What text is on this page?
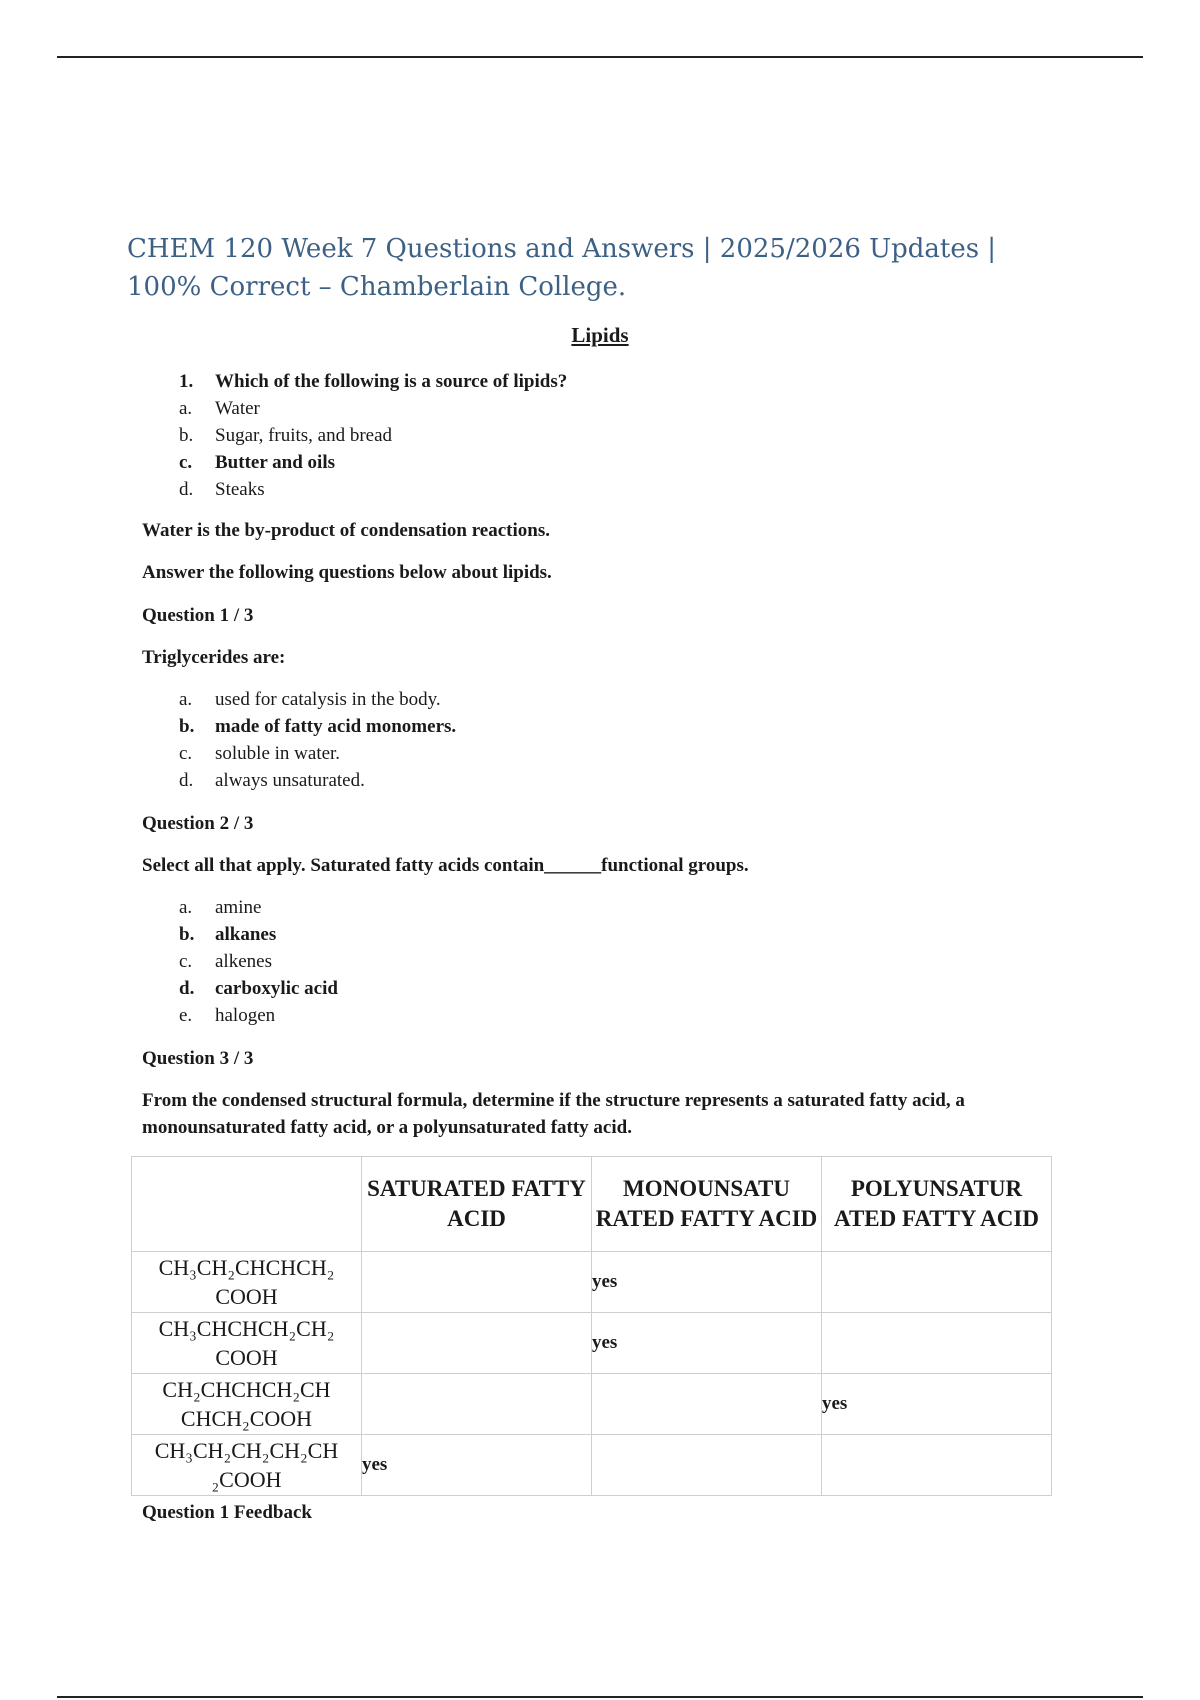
CHEM 120 Week 7 Questions and Answers | 2025/2026 Updates | 100% Correct – Chamberlain College.
Lipids
1.	Which of the following is a source of lipids?
a.	Water
b.	Sugar, fruits, and bread
c.	Butter and oils
d.	Steaks
Water is the by-product of condensation reactions.
Answer the following questions below about lipids.
Question 1 / 3
Triglycerides are:
a.	used for catalysis in the body.
b.	made of fatty acid monomers.
c.	soluble in water.
d.	always unsaturated.
Question 2 / 3
Select all that apply. Saturated fatty acids contain______functional groups.
a.	amine
b.	alkanes
c.	alkenes
d.	carboxylic acid
e.	halogen
Question 3 / 3
From the condensed structural formula, determine if the structure represents a saturated fatty acid, a monounsaturated fatty acid, or a polyunsaturated fatty acid.
	SATURATED FATTY ACID	MONOUNSATU RATED FATTY ACID	POLYUNSATUR ATED FATTY ACID
CH₃CH₂CHCHCH₂ COOH		yes	
CH₃CHCHCH₂CH₂ COOH		yes	
CH₂CHCHCH₂CH CHCH₂COOH			yes
CH₃CH₂CH₂CH₂CH ₂COOH	yes		
Question 1 Feedback
